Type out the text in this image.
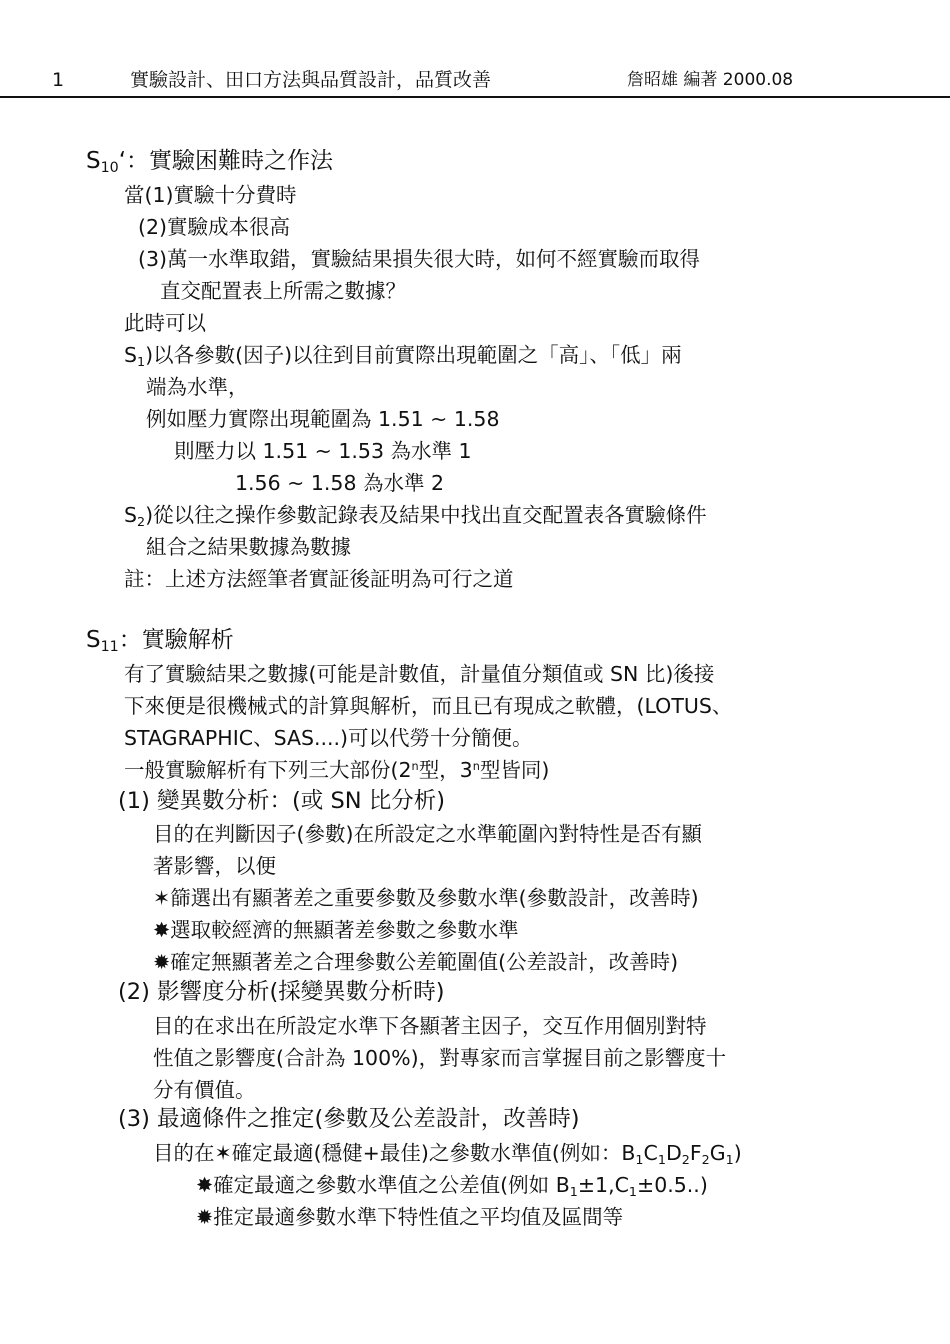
1	實驗設計、田口方法與品質設計，品質改善	詹昭雄 編著 2000.08
S10‘：實驗困難時之作法
當(1)實驗十分費時
(2)實驗成本很高
(3)萬一水準取錯，實驗結果損失很大時，如何不經實驗而取得
直交配置表上所需之數據？
此時可以
S1)以各參數(因子)以往到目前實際出現範圍之「高」、「低」兩
端為水準，
例如壓力實際出現範圍為 1.51 ~ 1.58
則壓力以 1.51 ~ 1.53 為水準 1
1.56 ~ 1.58 為水準 2
S2)從以往之操作參數記錄表及結果中找出直交配置表各實驗條件
組合之結果數據為數據
註：上述方法經筆者實証後証明為可行之道
S11：實驗解析
有了實驗結果之數據(可能是計數值，計量值分類值或 SN 比)後接
下來便是很機械式的計算與解析，而且已有現成之軟體，(LOTUS、
STAGRAPHIC、SAS....)可以代勞十分簡便。
一般實驗解析有下列三大部份(2$^n$型，3$^n$型皆同)
(1) 變異數分析：(或 SN 比分析)
目的在判斷因子(參數)在所設定之水準範圍內對特性是否有顯
著影響，以便
✶篩選出有顯著差之重要參數及參數水準(參數設計，改善時)
✸選取較經濟的無顯著差參數之參數水準
✹確定無顯著差之合理參數公差範圍值(公差設計，改善時)
(2) 影響度分析(採變異數分析時)
目的在求出在所設定水準下各顯著主因子，交互作用個別對特
性值之影響度(合計為 100%)，對專家而言掌握目前之影響度十
分有價值。
(3) 最適條件之推定(參數及公差設計，改善時)
目的在✶確定最適(穩健+最佳)之參數水準值(例如：B1C1D2F2G1)
✸確定最適之參數水準值之公差值(例如 B1±1,C1±0.5..)
✹推定最適參數水準下特性值之平均值及區間等
